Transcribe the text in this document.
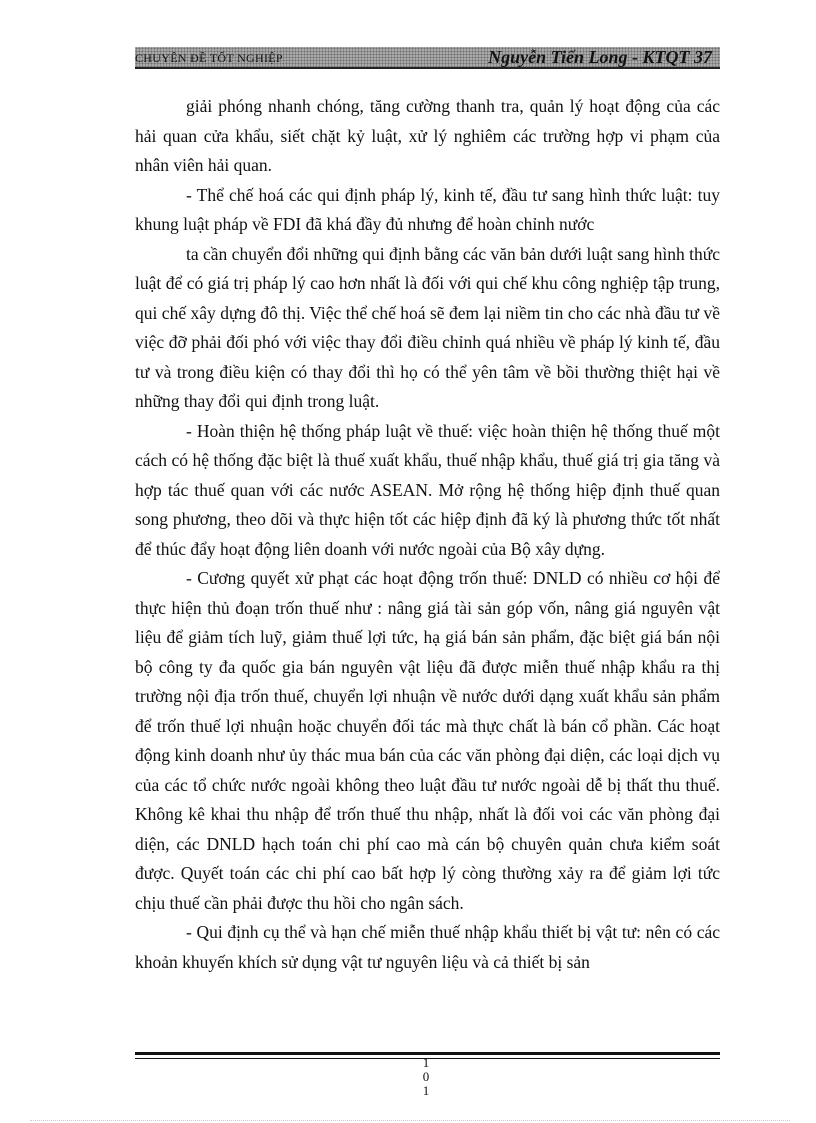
CHUYÊN ĐỀ TỐT NGHIỆP	Nguyễn Tiến Long - KTQT 37

giải phóng nhanh chóng, tăng cường thanh tra, quản lý hoạt động của các hải quan cửa khẩu, siết chặt kỷ luật, xử lý nghiêm các trường hợp vi phạm của nhân viên hải quan.

- Thể chế hoá các qui định pháp lý, kinh tế, đầu tư sang hình thức luật: tuy khung luật pháp về FDI đã khá đầy đủ nhưng để hoàn chỉnh nước

ta cần chuyển đổi những qui định bằng các văn bản dưới luật sang hình thức luật để có giá trị pháp lý cao hơn nhất là đối với qui chế khu công nghiệp tập trung, qui chế xây dựng đô thị. Việc thể chế hoá sẽ đem lại niềm tin cho các nhà đầu tư về việc đỡ phải đối phó với việc thay đổi điều chỉnh quá nhiều về pháp lý kinh tế, đầu tư và trong điều kiện có thay đổi thì họ có thể yên tâm về bồi thường thiệt hại về những thay đổi qui định trong luật.

- Hoàn thiện hệ thống pháp luật về thuế: việc hoàn thiện hệ thống thuế một cách có hệ thống đặc biệt là thuế xuất khẩu, thuế nhập khẩu, thuế giá trị gia tăng và hợp tác thuế quan với các nước ASEAN. Mở rộng hệ thống hiệp định thuế quan song phương, theo dõi và thực hiện tốt các hiệp định đã ký là phương thức tốt nhất để thúc đẩy hoạt động liên doanh với nước ngoài của Bộ xây dựng.

- Cương quyết xử phạt các hoạt động trốn thuế: DNLD có nhiều cơ hội để thực hiện thủ đoạn trốn thuế như : nâng giá tài sản góp vốn, nâng giá nguyên vật liệu để giảm tích luỹ, giảm thuế lợi tức, hạ giá bán sản phẩm, đặc biệt giá bán nội bộ công ty đa quốc gia bán nguyên vật liệu đã được miễn thuế nhập khẩu ra thị trường nội địa trốn thuế, chuyển lợi nhuận về nước dưới dạng xuất khẩu sản phẩm để trốn thuế lợi nhuận hoặc chuyển đối tác mà thực chất là bán cổ phần. Các hoạt động kinh doanh như ủy thác mua bán của các văn phòng đại diện, các loại dịch vụ của các tổ chức nước ngoài không theo luật đầu tư nước ngoài dễ bị thất thu thuế. Không kê khai thu nhập để trốn thuế thu nhập, nhất là đối voi các văn phòng đại diện, các DNLD hạch toán chi phí cao mà cán bộ chuyên quản chưa kiểm soát được. Quyết toán các chi phí cao bất hợp lý còng thường xảy ra để giảm lợi tức chịu thuế cần phải được thu hồi cho ngân sách.

- Qui định cụ thể và hạn chế miễn thuế nhập khẩu thiết bị vật tư: nên có các khoản khuyến khích sử dụng vật tư nguyên liệu và cả thiết bị sản

1
0
1
